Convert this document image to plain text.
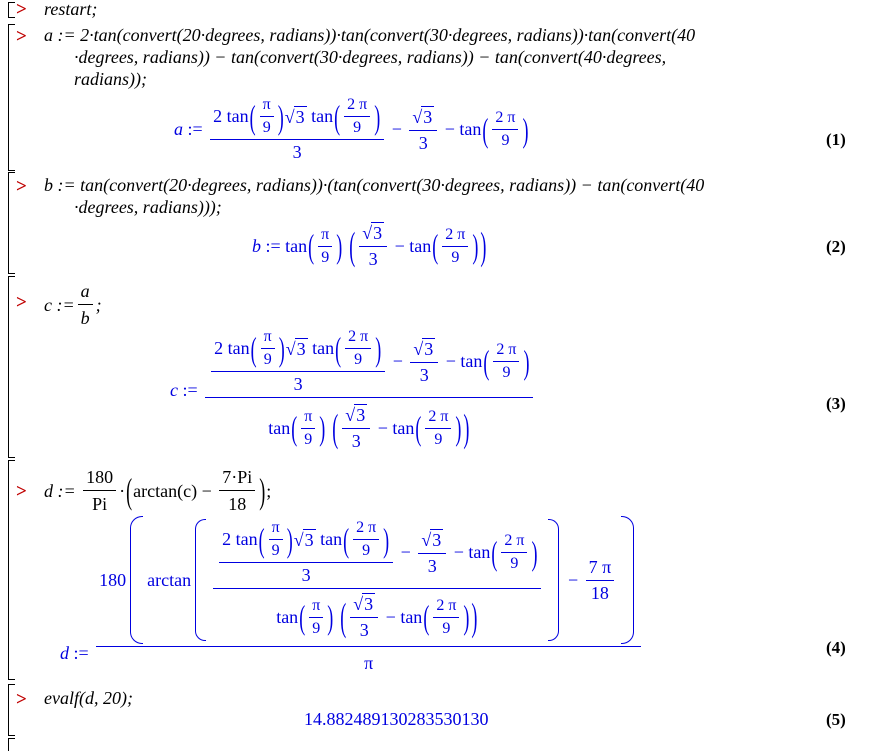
> restart;
> a := 2·tan(convert(20·degrees, radians))·tan(convert(30·degrees, radians))·tan(convert(40
·degrees, radians)) − tan(convert(30·degrees, radians)) − tan(convert(40·degrees,
radians));
a
:=

2
tan ( $\frac{\pi}{9}$ ) √ 3
tan ( $\frac{2 \pi}{9}$ )
3

−
$\frac{√ 3}{3}$
−
tan ( $\frac{2 \pi}{9}$ )	(1)
> b := tan(convert(20·degrees, radians))·(tan(convert(30·degrees, radians)) − tan(convert(40
·degrees, radians)));
b
:=
tan ( $\frac{\pi}{9}$ ) ( $\frac{√ 3}{3}$
−
tan ( $\frac{2 \pi}{9}$ ) )	(2)
> c := $\frac{a}{b}$ ;
c
:=

2
tan ( $\frac{\pi}{9}$ ) √ 3
tan ( $\frac{2 \pi}{9}$ )
3

−
$\frac{√ 3}{3}$
−
tan ( $\frac{2 \pi}{9}$ )
tan ( $\frac{\pi}{9}$ ) ( $\frac{√ 3}{3}$
−
tan ( $\frac{2 \pi}{9}$ ) )
(3)
> d :=
$\frac{180}{Pi}$ · ( arctan(c)
−
$\frac{7\cdot Pi}{18}$ ) ;
d :=
180 arctan
2
tan ( $\frac{\pi}{9}$ ) √ 3
tan ( $\frac{2 \pi}{9}$ )
3

−
$\frac{√ 3}{3}$
−
tan ( $\frac{2 \pi}{9}$ )
tan ( $\frac{\pi}{9}$ ) ( $\frac{√ 3}{3}$
−
tan ( $\frac{2 \pi}{9}$ ) )

−
$\frac{7 \pi}{18}$
π
(4)
> evalf(d, 20);
14.882489130283530130	(5)
